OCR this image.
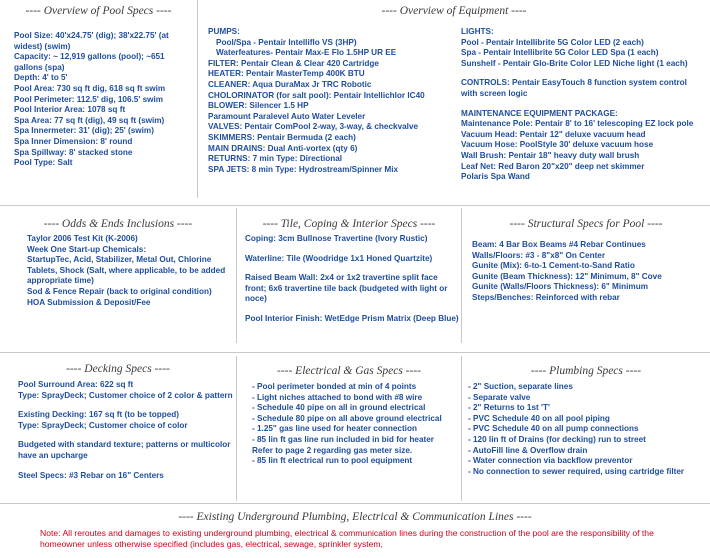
---- Overview of Pool Specs ----
Pool Size: 40'x24.75' (dig); 38'x22.75' (at
widest) (swim)
Capacity: ~ 12,919 gallons (pool); ~651
gallons (spa)
Depth: 4' to 5'
Pool Area: 730 sq ft dig, 618 sq ft swim
Pool Perimeter: 112.5' dig, 106.5' swim
Pool Interior Area: 1078 sq ft
Spa Area: 77 sq ft (dig), 49 sq ft (swim)
Spa Innermeter: 31' (dig); 25' (swim)
Spa Inner Dimension: 8' round
Spa Spillway: 8' stacked stone
Pool Type: Salt
---- Overview of Equipment ----
PUMPS:
Pool/Spa - Pentair Intelliflo VS (3HP)
Waterfeatures- Pentair Max-E Flo 1.5HP UR EE
FILTER: Pentair Clean & Clear 420 Cartridge
HEATER: Pentair MasterTemp 400K BTU
CLEANER: Aqua DuraMax Jr TRC Robotic
CHOLORINATOR (for salt pool): Pentair Intellichlor IC40
BLOWER: Silencer 1.5 HP
Paramount Paralevel Auto Water Leveler
VALVES: Pentair ComPool 2-way, 3-way, & checkvalve
SKIMMERS: Pentair Bermuda (2 each)
MAIN DRAINS: Dual Anti-vortex (qty 6)
RETURNS: 7 min Type: Directional
SPA JETS: 8 min Type: Hydrostream/Spinner Mix
LIGHTS:
Pool - Pentair Intellibrite 5G Color LED (2 each)
Spa - Pentair Intellibrite 5G Color LED Spa (1 each)
Sunshelf - Pentair Glo-Brite Color LED Niche light (1 each)
CONTROLS: Pentair EasyTouch 8 function system control
with screen logic
MAINTENANCE EQUIPMENT PACKAGE:
Maintenance Pole: Pentair 8' to 16' telescoping EZ lock pole
Vacuum Head: Pentair 12" deluxe vacuum head
Vacuum Hose: PoolStyle 30' deluxe vacuum hose
Wall Brush: Pentair 18" heavy duty wall brush
Leaf Net: Red Baron 20"x20" deep net skimmer
Polaris Spa Wand
---- Odds & Ends Inclusions ----
Taylor 2006 Test Kit (K-2006)
Week One Start-up Chemicals:
StartupTec, Acid, Stabilizer, Metal Out, Chlorine
Tablets, Shock (Salt, where applicable, to be added
appropriate time)
Sod & Fence Repair (back to original condition)
HOA Submission & Deposit/Fee
---- Tile, Coping & Interior Specs ----
Coping: 3cm Bullnose Travertine (Ivory Rustic)
Waterline: Tile (Woodridge 1x1 Honed Quartzite)
Raised Beam Wall: 2x4 or 1x2 travertine split face
front; 6x6 travertine tile back (budgeted with light or
noce)
Pool Interior Finish: WetEdge Prism Matrix (Deep Blue)
---- Structural Specs for Pool ----
Beam: 4 Bar Box Beams #4 Rebar Continues
Walls/Floors: #3 - 8"x8" On Center
Gunite (Mix): 6-to-1 Cement-to-Sand Ratio
Gunite (Beam Thickness): 12" Minimum, 8" Cove
Gunite (Walls/Floors Thickness): 6" Minimum
Steps/Benches: Reinforced with rebar
---- Decking Specs ----
Pool Surround Area: 622 sq ft
Type: SprayDeck; Customer choice of 2 color & pattern
Existing Decking: 167 sq ft (to be topped)
Type: SprayDeck; Customer choice of color
Budgeted with standard texture; patterns or multicolor
have an upcharge
Steel Specs: #3 Rebar on 16" Centers
---- Electrical & Gas Specs ----
- Pool perimeter bonded at min of 4 points
- Light niches attached to bond with #8 wire
- Schedule 40 pipe on all in ground electrical
- Schedule 80 pipe on all above ground electrical
- 1.25" gas line used for heater connection
- 85 lin ft gas line run included in bid for heater
Refer to page 2 regarding gas meter size.
- 85 lin ft electrical run to pool equipment
---- Plumbing Specs ----
- 2" Suction, separate lines
- Separate valve
- 2" Returns to 1st 'T'
- PVC Schedule 40 on all pool piping
- PVC Schedule 40 on all pump connections
- 120 lin ft of Drains (for decking) run to street
- AutoFill line & Overflow drain
- Water connection via backflow preventor
- No connection to sewer required, using cartridge filter
---- Existing Underground Plumbing, Electrical & Communication Lines ----
Note: All reroutes and damages to existing underground plumbing, electrical & communication lines during the construction of the pool are the responsibility of the homeowner unless otherwise specified (includes gas, electrical, sewage, sprinkler system,
